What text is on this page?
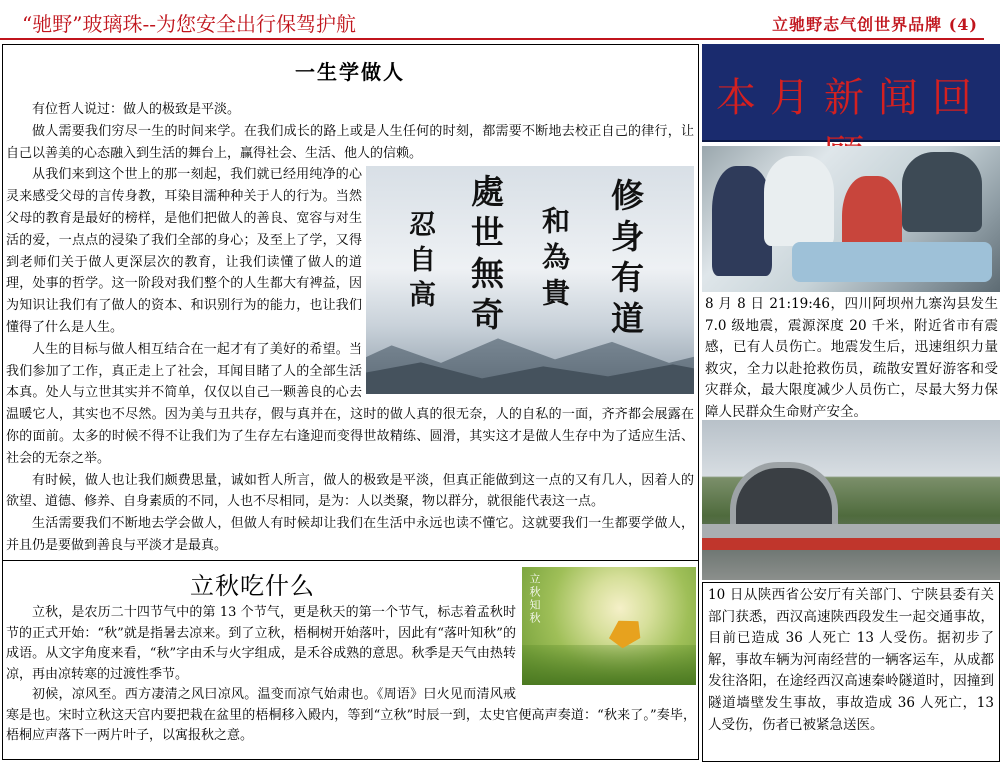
“驰野”玻璃珠--为您安全出行保驾护航	立驰野志气创世界品牌 (4)
一生学做人

有位哲人说过：做人的极致是平淡。

做人需要我们穷尽一生的时间来学。在我们成长的路上或是人生任何的时刻，都需要不断地去校正自己的律行，让自己以善美的心态融入到生活的舞台上，赢得社会、生活、他人的信赖。

修身有道
和為貴
處世無奇
忍自高

从我们来到这个世上的那一刻起，我们就已经用纯净的心灵来感受父母的言传身教，耳染目濡种种关于人的行为。当然父母的教育是最好的榜样，是他们把做人的善良、宽容与对生活的爱，一点点的浸染了我们全部的身心；及至上了学，又得到老师们关于做人更深层次的教育，让我们读懂了做人的道理，处事的哲学。这一阶段对我们整个的人生都大有裨益，因为知识让我们有了做人的资本、和识别行为的能力，也让我们懂得了什么是人生。

人生的目标与做人相互结合在一起才有了美好的希望。当我们参加了工作，真正走上了社会，耳闻目睹了人的全部生活本真。处人与立世其实并不简单，仅仅以自己一颗善良的心去温暖它人，其实也不尽然。因为美与丑共存，假与真并在，这时的做人真的很无奈，人的自私的一面，齐齐都会展露在你的面前。太多的时候不得不让我们为了生存左右逢迎而变得世故精练、圆滑，其实这才是做人生存中为了适应生活、社会的无奈之举。

有时候，做人也让我们颇费思量，诚如哲人所言，做人的极致是平淡，但真正能做到这一点的又有几人，因着人的欲望、道德、修养、自身素质的不同，人也不尽相同，是为：人以类聚，物以群分，就很能代表这一点。

生活需要我们不断地去学会做人，但做人有时候却让我们在生活中永远也读不懂它。这就要我们一生都要学做人，并且仍是要做到善良与平淡才是最真。

立秋吃什么	立秋知秋

立秋，是农历二十四节气中的第 13 个节气，更是秋天的第一个节气，标志着孟秋时节的正式开始：“秋”就是指暑去凉来。到了立秋，梧桐树开始落叶，因此有“落叶知秋”的成语。从文字角度来看，“秋”字由禾与火字组成，是禾谷成熟的意思。秋季是天气由热转凉，再由凉转寒的过渡性季节。

初候，凉风至。西方凄清之风曰凉风。温变而凉气始肃也。《周语》曰火见而清风戒寒是也。宋时立秋这天宫内要把栽在盆里的梧桐移入殿内，等到“立秋”时辰一到，太史官便高声奏道：“秋来了。”奏毕，梧桐应声落下一两片叶子，以寓报秋之意。

本月新闻回

8 月 8 日 21:19:46，四川阿坝州九寨沟县发生 7.0 级地震，震源深度 20 千米，附近省市有震感，已有人员伤亡。地震发生后，迅速组织力量救灾，全力以赴抢救伤员，疏散安置好游客和受灾群众，最大限度减少人员伤亡，尽最大努力保障人民群众生命财产安全。

10 日从陕西省公安厅有关部门、宁陕县委有关部门获悉，西汉高速陕西段发生一起交通事故，目前已造成 36 人死亡 13 人受伤。据初步了解，事故车辆为河南经营的一辆客运车，从成都发往洛阳，在途经西汉高速秦岭隧道时，因撞到隧道墙壁发生事故，事故造成 36 人死亡，13 人受伤，伤者已被紧急送医。
